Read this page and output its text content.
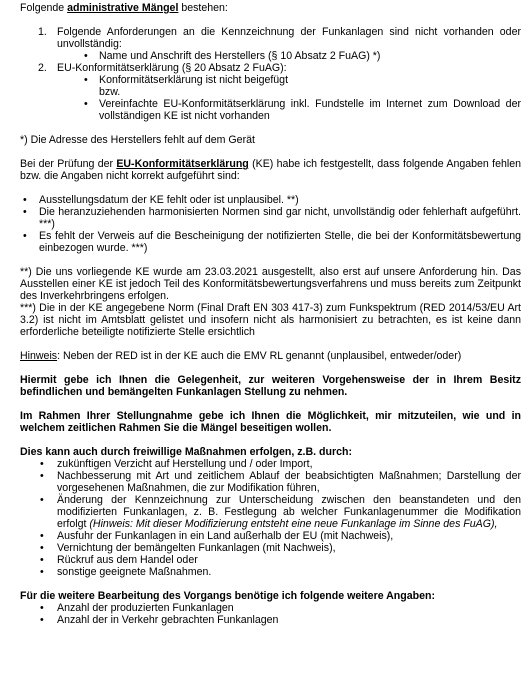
Folgende administrative Mängel bestehen:

1. Folgende Anforderungen an die Kennzeichnung der Funkanlagen sind nicht vorhanden oder unvollständig:
• Name und Anschrift des Herstellers (§ 10 Absatz 2 FuAG) *)
2. EU-Konformitätserklärung (§ 20 Absatz 2 FuAG):
• Konformitätserklärung ist nicht beigefügt
bzw.
• Vereinfachte EU-Konformitätserklärung inkl. Fundstelle im Internet zum Download der vollständigen KE ist nicht vorhanden

*) Die Adresse des Herstellers fehlt auf dem Gerät

Bei der Prüfung der EU-Konformitätserklärung (KE) habe ich festgestellt, dass folgende Angaben fehlen bzw. die Angaben nicht korrekt aufgeführt sind:

• Ausstellungsdatum der KE fehlt oder ist unplausibel. **)
• Die heranzuziehenden harmonisierten Normen sind gar nicht, unvollständig oder fehlerhaft aufgeführt. ***)
• Es fehlt der Verweis auf die Bescheinigung der notifizierten Stelle, die bei der Konformitätsbewertung einbezogen wurde. ***)

**) Die uns vorliegende KE wurde am 23.03.2021 ausgestellt, also erst auf unsere Anforderung hin. Das Ausstellen einer KE ist jedoch Teil des Konformitätsbewertungsverfahrens und muss bereits zum Zeitpunkt des Inverkehrbringens erfolgen.

***) Die in der KE angegebene Norm (Final Draft EN 303 417-3) zum Funkspektrum (RED 2014/53/EU Art 3.2) ist nicht im Amtsblatt gelistet und insofern nicht als harmonisiert zu betrachten, es ist keine dann erforderliche beteiligte notifizierte Stelle ersichtlich

Hinweis: Neben der RED ist in der KE auch die EMV RL genannt (unplausibel, entweder/oder)

Hiermit gebe ich Ihnen die Gelegenheit, zur weiteren Vorgehensweise der in Ihrem Besitz befindlichen und bemängelten Funkanlagen Stellung zu nehmen.

Im Rahmen Ihrer Stellungnahme gebe ich Ihnen die Möglichkeit, mir mitzuteilen, wie und in welchem zeitlichen Rahmen Sie die Mängel beseitigen wollen.

Dies kann auch durch freiwillige Maßnahmen erfolgen, z.B. durch:

• zukünftigen Verzicht auf Herstellung und / oder Import,
• Nachbesserung mit Art und zeitlichem Ablauf der beabsichtigten Maßnahmen; Darstellung der vorgesehenen Maßnahmen, die zur Modifikation führen,
• Änderung der Kennzeichnung zur Unterscheidung zwischen den beanstandeten und den modifizierten Funkanlagen, z. B. Festlegung ab welcher Funkanlagenummer die Modifikation erfolgt (Hinweis: Mit dieser Modifizierung entsteht eine neue Funkanlage im Sinne des FuAG),
• Ausfuhr der Funkanlagen in ein Land außerhalb der EU (mit Nachweis),
• Vernichtung der bemängelten Funkanlagen (mit Nachweis),
• Rückruf aus dem Handel oder
• sonstige geeignete Maßnahmen.

Für die weitere Bearbeitung des Vorgangs benötige ich folgende weitere Angaben:

• Anzahl der produzierten Funkanlagen
• Anzahl der in Verkehr gebrachten Funkanlagen
